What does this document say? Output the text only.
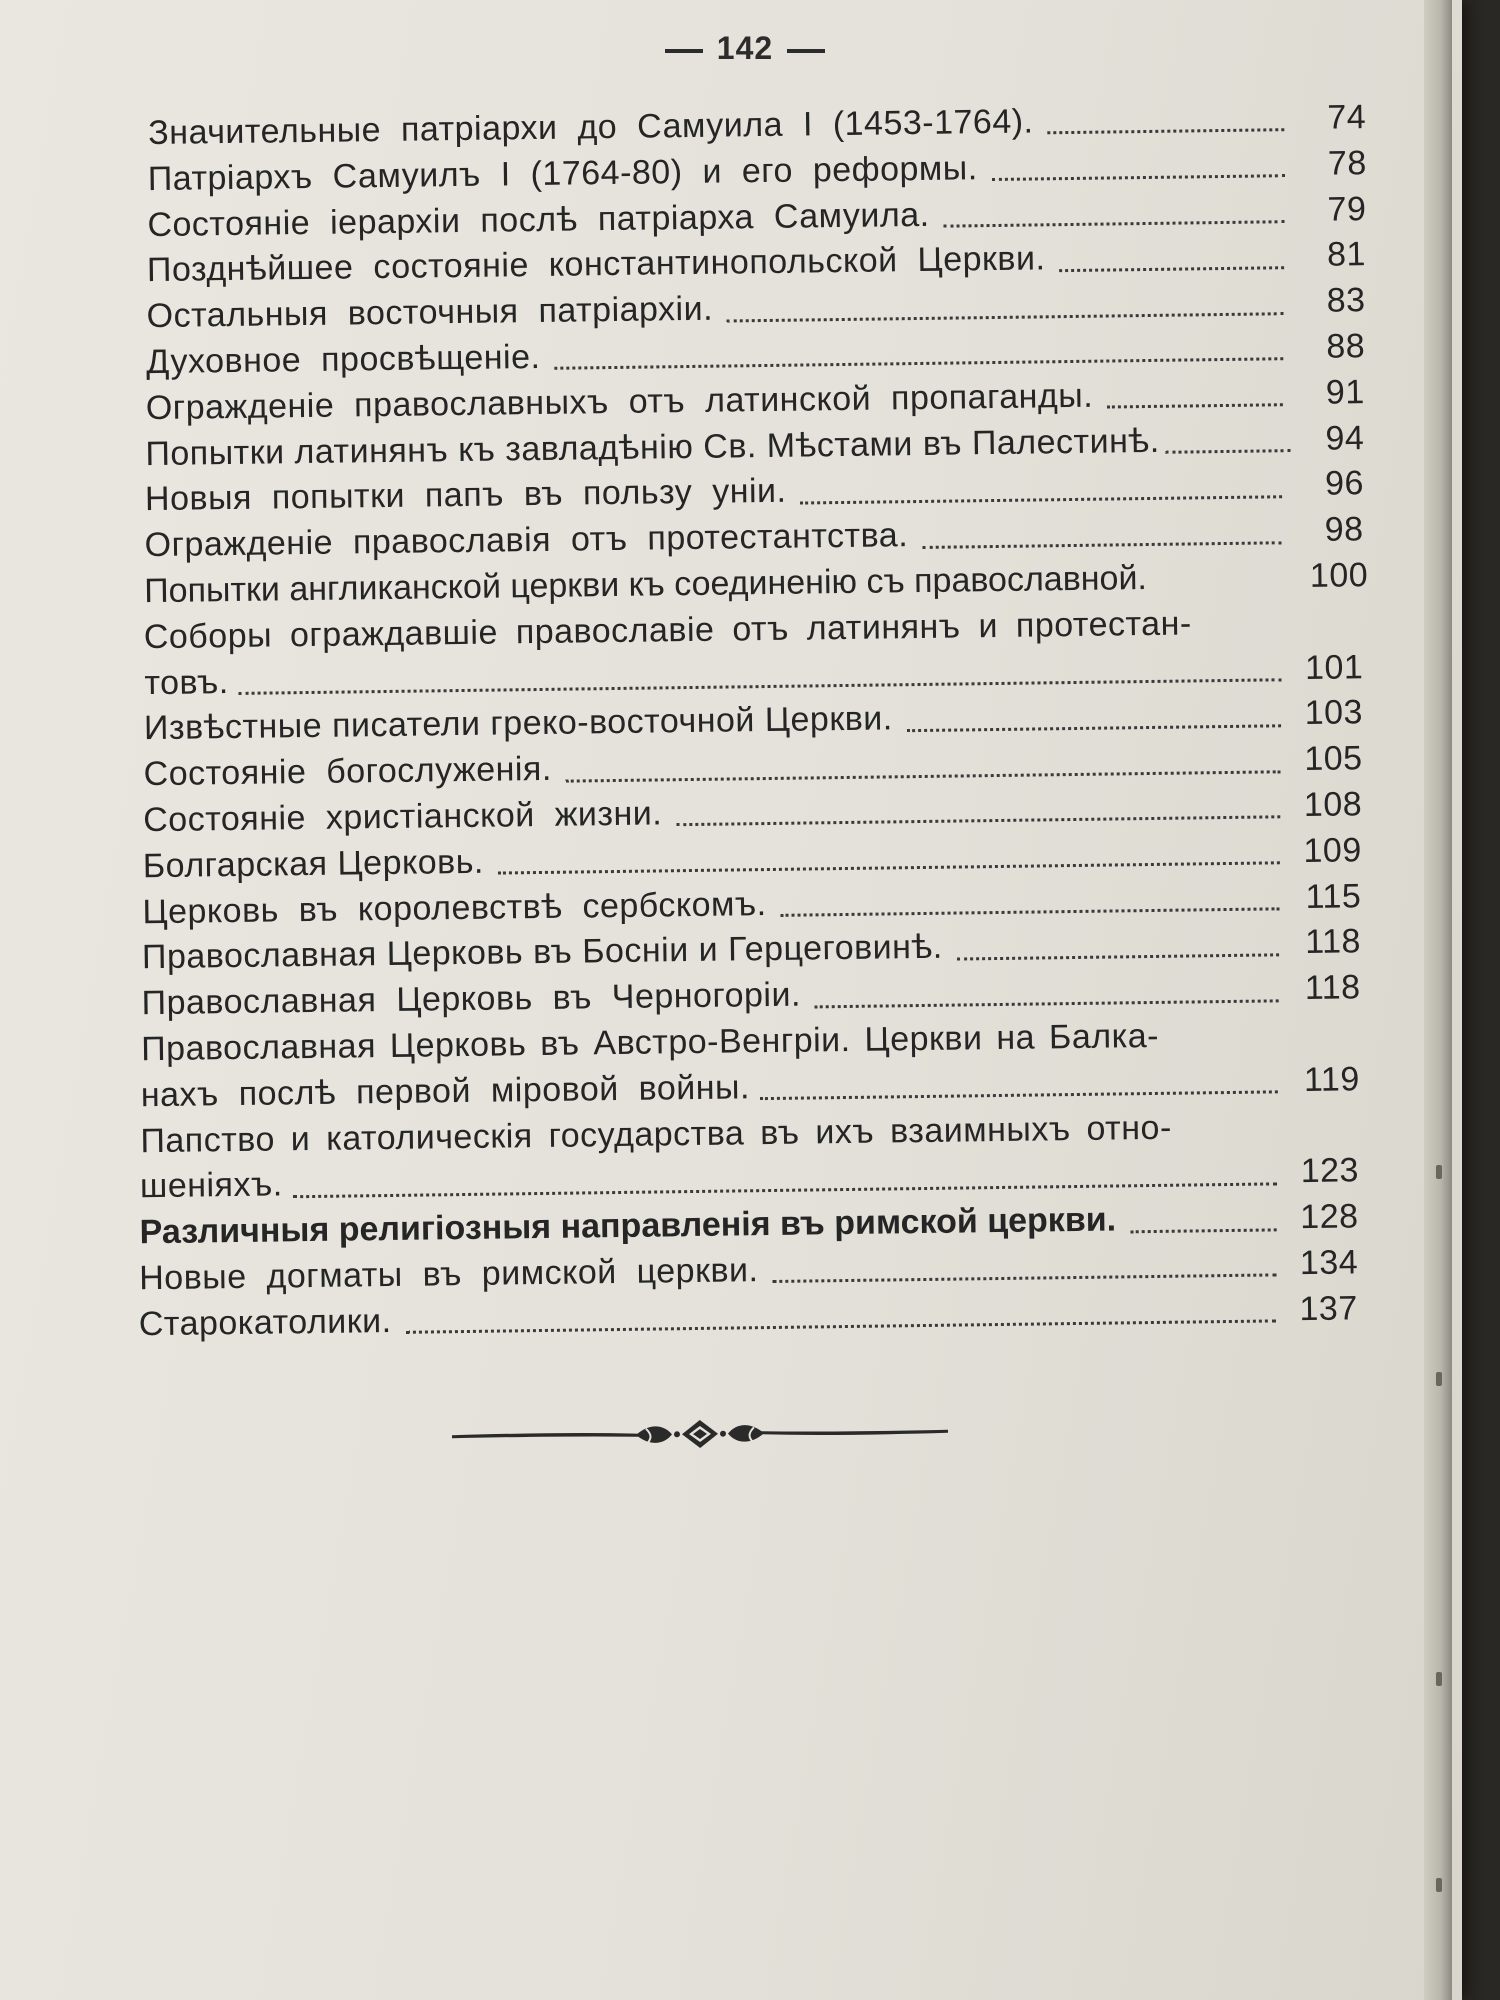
142
Значительные патріархи до Самуила I (1453-1764).	74
Патріархъ Самуилъ I (1764-80) и его реформы.	78
Состояніе іерархіи послѣ патріарха Самуила.	79
Позднѣйшее состояніе константинопольской Церкви.	81
Остальныя восточныя патріархіи.	83
Духовное просвѣщеніе.	88
Огражденіе православныхъ отъ латинской пропаганды.	91
Попытки латинянъ къ завладѣнію Св. Мѣстами въ Палестинѣ.	94
Новыя попытки папъ въ пользу уніи.	96
Огражденіе православія отъ протестантства.	98
Попытки англиканской церкви къ соединенію съ православной.	100
Соборы ограждавшіе православіе отъ латинянъ и протестан-
товъ.	101
Извѣстные писатели греко-восточной Церкви.	103
Состояніе богослуженія.	105
Состояніе христіанской жизни.	108
Болгарская Церковь.	109
Церковь въ королевствѣ сербскомъ.	115
Православная Церковь въ Босніи и Герцеговинѣ.	118
Православная Церковь въ Черногоріи.	118
Православная Церковь въ Австро-Венгріи. Церкви на Балка-
нахъ послѣ первой міровой войны.	119
Папство и католическія государства въ ихъ взаимныхъ отно-
шеніяхъ.	123
Различныя религіозныя направленія въ римской церкви.	128
Новые догматы въ римской церкви.	134
Старокатолики.	137
